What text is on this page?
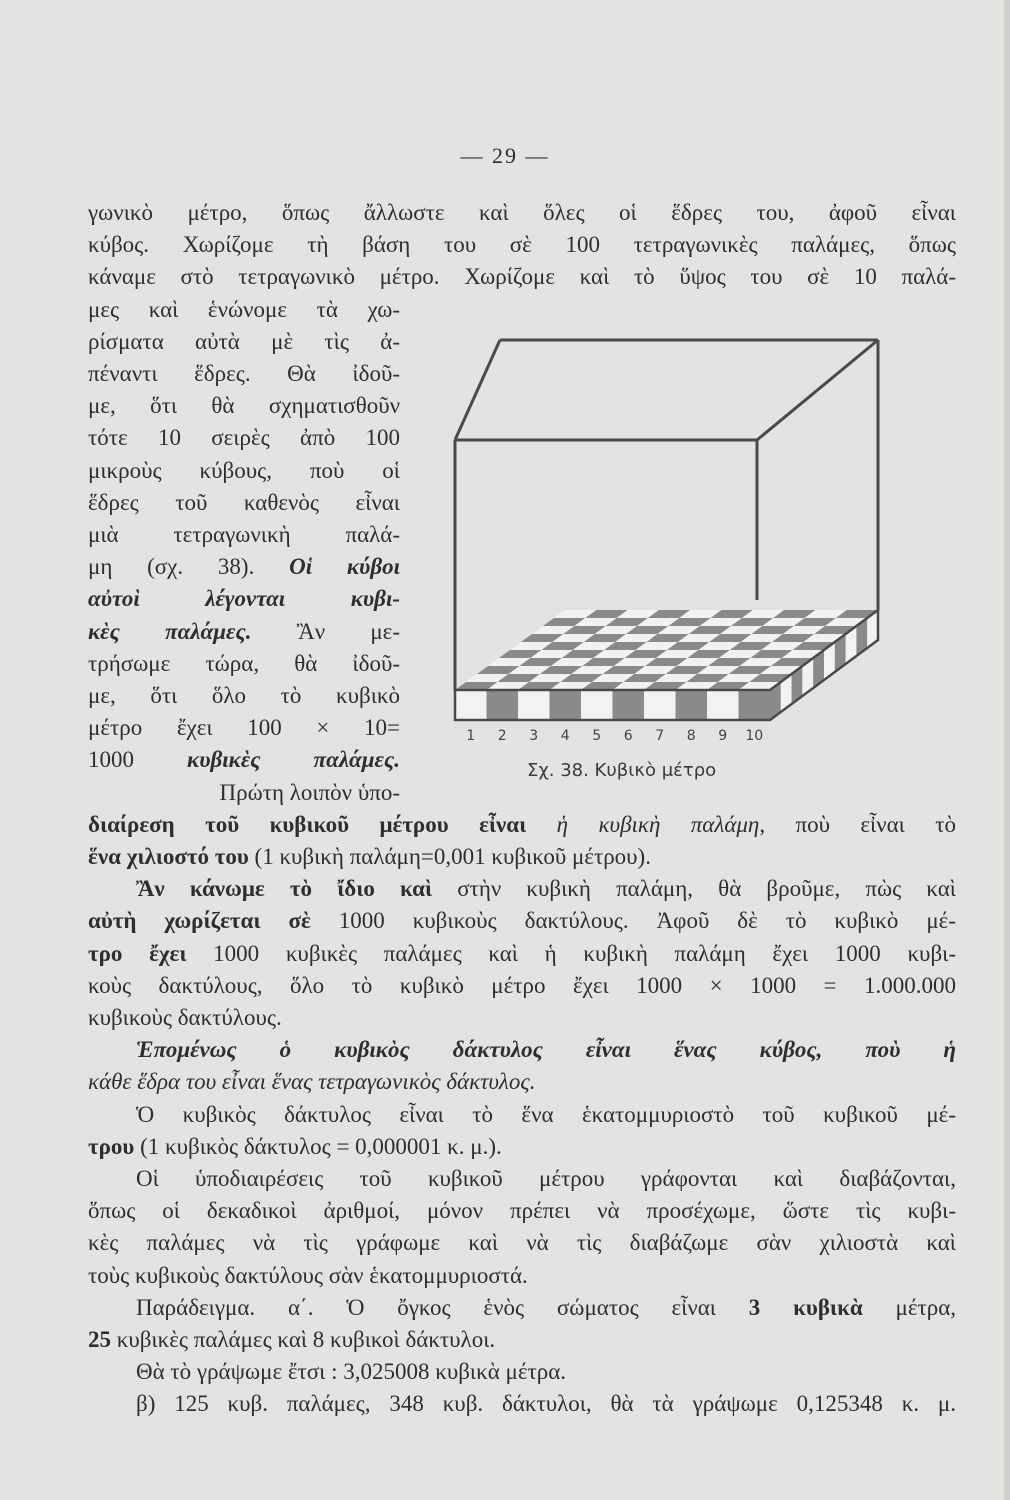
— 29 —
γωνικὸ μέτρο, ὅπως ἄλλωστε καὶ ὅλες οἱ ἕδρες του, ἀφοῦ εἶναι
κύβος. Χωρίζομε τὴ βάση του σὲ 100 τετραγωνικὲς παλάμες, ὅπως
κάναμε στὸ τετραγωνικὸ μέτρο. Χωρίζομε καὶ τὸ ὕψος του σὲ 10 παλά-
μες καὶ ἑνώνομε τὰ χω-
ρίσματα αὐτὰ μὲ τὶς ἀ-
πέναντι ἕδρες. Θὰ ἰδοῦ-
με, ὅτι θὰ σχηματισθοῦν
τότε 10 σειρὲς ἀπὸ 100
μικροὺς κύβους, ποὺ οἱ
ἕδρες τοῦ καθενὸς εἶναι
μιὰ τετραγωνικὴ παλά-
μη (σχ. 38). Οἱ κύβοι
αὐτοὶ λέγονται κυβι-
κὲς παλάμες. Ἂν με-
τρήσωμε τώρα, θὰ ἰδοῦ-
με, ὅτι ὅλο τὸ κυβικὸ
μέτρο ἔχει 100 × 10=
1000 κυβικὲς παλάμες.
Πρώτη λοιπὸν ὑπο-
διαίρεση τοῦ κυβικοῦ μέτρου εἶναι ἡ κυβικὴ παλάμη, ποὺ εἶναι τὸ
ἕνα χιλιοστό του (1 κυβικὴ παλάμη=0,001 κυβικοῦ μέτρου).
Ἂν κάνωμε τὸ ἴδιο καὶ στὴν κυβικὴ παλάμη, θὰ βροῦμε, πὼς καὶ
αὐτὴ χωρίζεται σὲ 1000 κυβικοὺς δακτύλους. Ἀφοῦ δὲ τὸ κυβικὸ μέ-
τρο ἔχει 1000 κυβικὲς παλάμες καὶ ἡ κυβικὴ παλάμη ἔχει 1000 κυβι-
κοὺς δακτύλους, ὅλο τὸ κυβικὸ μέτρο ἔχει 1000 × 1000 = 1.000.000
κυβικοὺς δακτύλους.
Ἑπομένως ὁ κυβικὸς δάκτυλος εἶναι ἕνας κύβος, ποὺ ἡ
κάθε ἕδρα του εἶναι ἕνας τετραγωνικὸς δάκτυλος.
Ὁ κυβικὸς δάκτυλος εἶναι τὸ ἕνα ἑκατομμυριοστὸ τοῦ κυβικοῦ μέ-
τρου (1 κυβικὸς δάκτυλος = 0,000001 κ. μ.).
Οἱ ὑποδιαιρέσεις τοῦ κυβικοῦ μέτρου γράφονται καὶ διαβάζονται,
ὅπως οἱ δεκαδικοὶ ἀριθμοί, μόνον πρέπει νὰ προσέχωμε, ὥστε τὶς κυβι-
κὲς παλάμες νὰ τὶς γράφωμε καὶ νὰ τὶς διαβάζωμε σὰν χιλιοστὰ καὶ
τοὺς κυβικοὺς δακτύλους σὰν ἑκατομμυριοστά.
Παράδειγμα. α΄. Ὁ ὄγκος ἑνὸς σώματος εἶναι 3 κυβικὰ μέτρα,
25 κυβικὲς παλάμες καὶ 8 κυβικοὶ δάκτυλοι.
Θὰ τὸ γράψωμε ἔτσι : 3,025008 κυβικὰ μέτρα.
β) 125 κυβ. παλάμες, 348 κυβ. δάκτυλοι, θὰ τὰ γράψωμε 0,125348 κ. μ.
1 2 3 4 5 6 7 8 9 10
Σχ. 38. Κυβικὸ μέτρο
